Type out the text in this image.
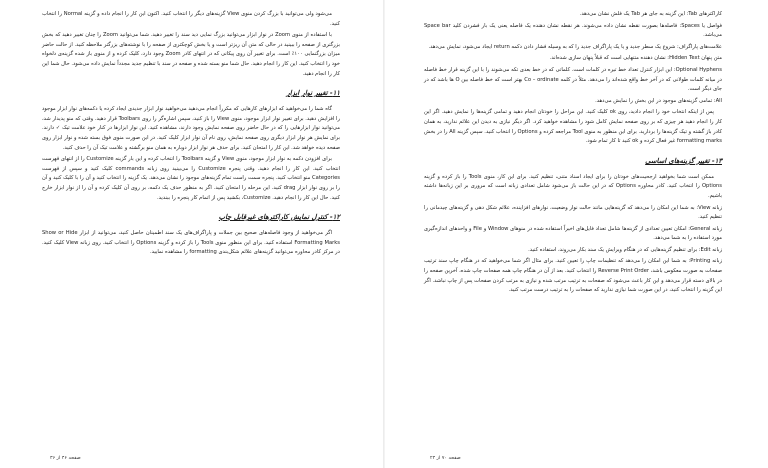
می‌شود ولی می‌توانید با بزرگ کردن منوی View گزینه‌های دیگر را انتخاب کنید. اکنون این کار را انجام داده و گزینه Normal را انتخاب کنید.

با استفاده از منوی Zoom در نوار ابزار می‌توانید بزرگ نمایی دید سند را تغییر دهید. شما می‌توانید Zoom را چنان تغییر دهید که بخش بزرگتری از صفحه را ببینید در حالی که متن آن ریزتر است و یا بخش کوچکتری از صفحه را با نوشته‌های بزرگتر ملاحظه کنید. از حالت حاضر میزان بزرگنمایی ۱۰۰٪ است. برای تغییر آن روی پیکانی که در انتهای کادر Zoom وجود دارد، کلیک کرده و از منوی باز شده گزینه‌ی دلخواه خود را انتخاب کنید. این کار را انجام دهید. حال شما منو بسته شده و صفحه در سند با تنظیم جدید مجدداً نمایش داده می‌شود. حال شما این کار را انجام دهید.

۱۱- تغییر نوار ابزار

گاه شما را می‌خواهید که ابزارهای کارهایی که مکرراً انجام می‌دهید می‌خواهید نوار ابزار جدیدی ایجاد کرده یا دکمه‌های نوار ابزار موجود را افزایش دهید. برای تغییر نوار ابزار موجود، منوی View را باز کنید، سپس اشاره‌گر را روی Toolbars قرار دهید. وقتی که منو پدیدار شد، می‌توانید نوار ابزارهایی را که در حال حاضر روی صفحه نمایش وجود دارند، مشاهده کنید. این نوار ابزارها در کنار خود علامت تیک ✓ دارند. برای نمایش هر نوار ابزار دیگری روی صفحه نمایش، روی نام آن نوار ابزار کلیک کنید. در این صورت منوی فوق بسته شده و نوار ابزار روی صفحه دیده خواهد شد. این کار را امتحان کنید. برای حذف هر نوار ابزار دوباره به همان منو برگشته و علامت تیک آن را حذف کنید.

برای افزودن دکمه به نوار ابزار موجود، منوی View و گزینه Toolbars را انتخاب کرده و این بار گزینه Customize را از انتهای فهرست انتخاب کنید. این کار را انجام دهید. وقتی پنجره Customize را می‌بینید روی زبانه commands کلیک کنید و سپس از فهرست Categories منو انتخاب کنید. پنجره سمت راست تمام گزینه‌های موجود را نشان می‌دهد. یک گزینه را انتخاب کنید و آن را با کلیک کنید و آن را بر روی نوار ابزار drag کنید. این مرحله را امتحان کنید. اگر به منظور حذف یک دکمه، بر روی آن کلیک کرده و آن را از نوار ابزار خارج کنید. حال این کار را انجام دهید. Customize، بکشید پس از اتمام کار پنجره را ببندید.

۱۲- کنترل نمایش کاراکترهای غیرقابل چاپ

اگر می‌خواهید از وجود فاصله‌های صحیح بین جملات و پاراگراف‌های یک سند اطمینان حاصل کنید، می‌توانید از ابزار Show or Hide Formatting Marks استفاده کنید. برای این منظور منوی Tools را باز کرده و گزینه Options را انتخاب کنید. روی زبانه View کلیک کنید. در مرکز کادر محاوره می‌توانید گزینه‌های علائم شکل‌بندی formatting را مشاهده نمایید.

صفحه ۴۶ از ۳۶

کاراکترهای Tab: این گزینه به جای هر Tab یک فلش نشان می‌دهد.

فواصل یا Spaces: فاصله‌ها بصورت نقطه نشان داده می‌شوند. هر نقطه نشان دهنده یک فاصله یعنی یک بار فشردن کلید Space bar می‌باشد.

علامت‌های پاراگراف: شروع یک سطر جدید و یا یک پاراگراف جدید را که به وسیله فشار دادن دکمه return ایجاد می‌شود، نمایش می‌دهد.

متن پنهان Hidden Text: نشان دهنده متنهایی است که قبلاً پنهان سازی شده‌اند.

Optional Hyphens: این ابزار کنترل تعداد خط تیره در کلمات است. کلماتی که در خط بعدی تکه می‌شوند را با این گزینه قرار خط فاصله در میانه کلمات طولانی که در آخر خط واقع شده‌اند را می‌دهد. مثلاً در کلمه Co – ordinate بهتر است که خط فاصله بین O ها باشد که در جای دیگر است.

All: تمامی گزینه‌های موجود در این بخش را نمایش می‌دهد.

پس از اینکه انتخاب خود را انجام دادید، روی ok کلیک کنید. این مراحل را خودتان انجام دهید و تمامی گزینه‌ها را نمایش دهید. اگر این کار را انجام دهید هر چیزی که بر روی صفحه نمایش کامل شود را مشاهده خواهید کرد. اگر دیگر نیازی به دیدن این علائم ندارید، به همان کادر باز گشته و تیک گزینه‌ها را بردارید. برای این منظور به منوی Tool مراجعه کرده و Options را انتخاب کنید. سپس گزینه All را در بخش formatting marks غیر فعال کرده و ok کنید تا کار تمام شود.

۱۳- تغییر گزینه‌های اساسی

ممکن است شما بخواهید ارجحیت‌های خودتان را برای ایجاد اسناد متنی، تنظیم کنید. برای این کار، منوی Tools را باز کرده و گزینه Options را انتخاب کنید. کادر محاوره Options که در این حالت باز می‌شود شامل تعدادی زبانه است که مروری بر این زبانه‌ها داشته باشیم.

زبانه View: به شما این امکان را می‌دهد که گزینه‌هایی مانند حالت نوار وضعیت، نوارهای افزاینده، علائم شکل دهی و گزینه‌های چیدمانی را تنظیم کنید.

زبانه General: امکان تعیین تعدادی از گزینه‌ها شامل تعداد فایل‌های اخیراً استفاده شده در منوهای Window و File و واحدهای اندازه‌گیری مورد استفاده را به شما می‌دهد.

زبانه Edit: برای تنظیم گزینه‌هایی که در هنگام ویرایش یک سند بکار می‌روند، استفاده کنید.

زبانه Printing: به شما این امکان را می‌دهد که تنظیمات چاپ را تعیین کنید. برای مثال اگر شما می‌خواهید که در هنگام چاپ سند ترتیب صفحات به صورت معکوس باشد، Reverse Print Order را انتخاب کنید. بعد از آن در هنگام چاپ همه صفحات چاپ شده، آخرین صفحه را در بالای دسته قرار می‌دهد و این کار باعث می‌شود که صفحات به ترتیب مرتب شده و نیازی به مرتب کردن صفحات پس از چاپ نباشد. اگر این گزینه را انتخاب کنید، در این صورت شما نیازی ندارید که صفحات را به ترتیب درست مرتب کنید.

صفحه ۷۰ از ۲۴
